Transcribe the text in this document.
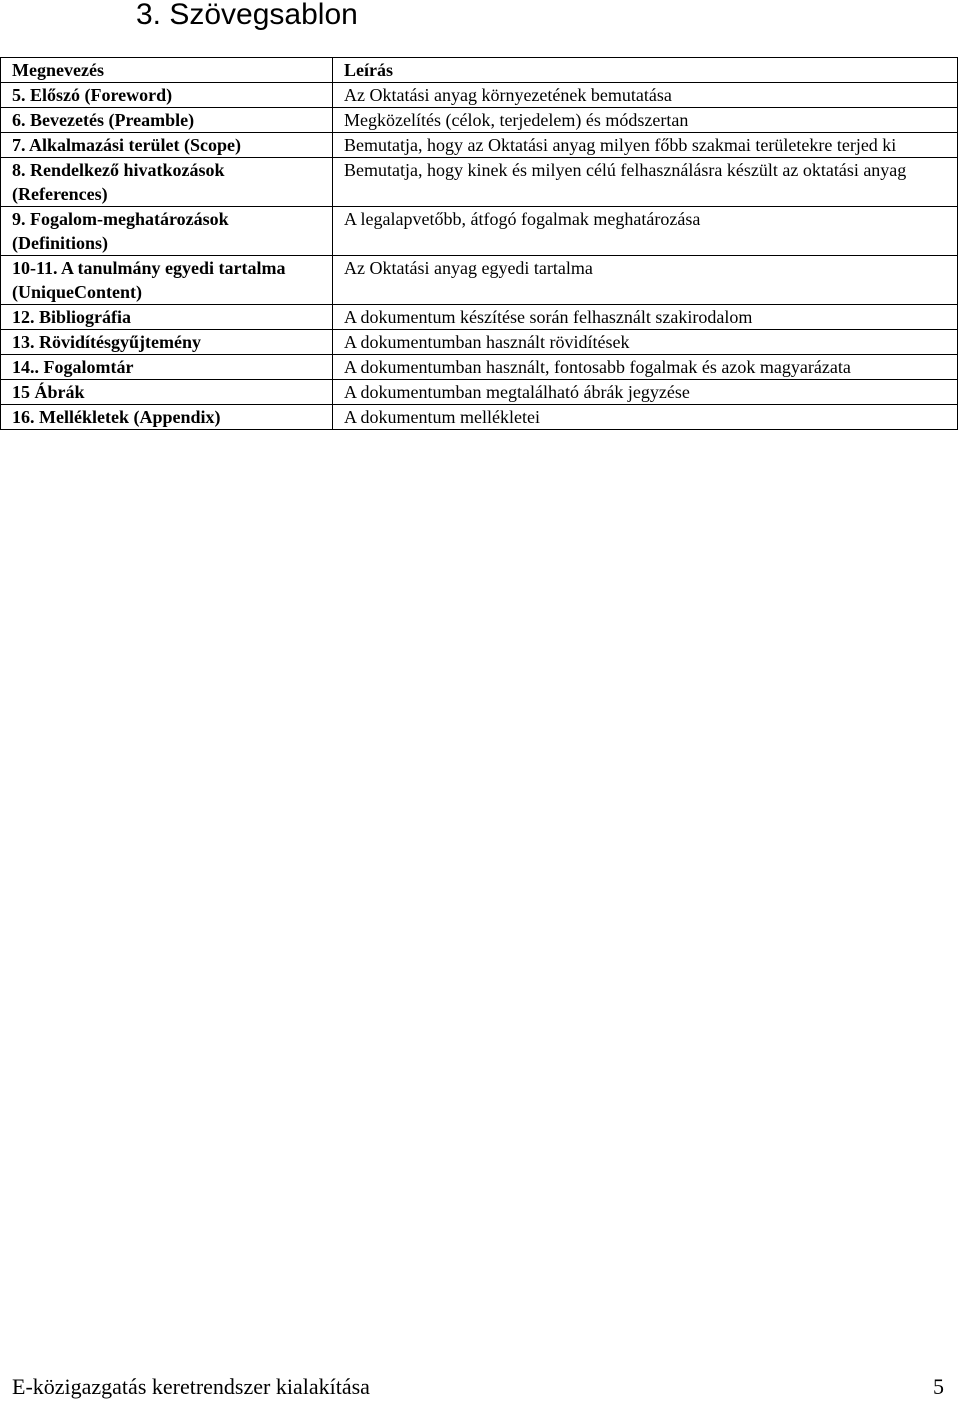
3. Szövegsablon
Megnevezés	Leírás
5. Előszó (Foreword)	Az Oktatási anyag környezetének bemutatása
6. Bevezetés (Preamble)	Megközelítés (célok, terjedelem) és módszertan
7. Alkalmazási terület (Scope)	Bemutatja, hogy az Oktatási anyag milyen főbb szakmai területekre terjed ki
8. Rendelkező hivatkozások (References)	Bemutatja, hogy kinek és milyen célú felhasználásra készült az oktatási anyag
9. Fogalom-meghatározások (Definitions)	A legalapvetőbb, átfogó fogalmak meghatározása
10-11. A tanulmány egyedi tartalma (UniqueContent)	Az Oktatási anyag egyedi tartalma
12. Bibliográfia	A dokumentum készítése során felhasznált szakirodalom
13. Rövidítésgyűjtemény	A dokumentumban használt rövidítések
14.. Fogalomtár	A dokumentumban használt, fontosabb fogalmak és azok magyarázata
15 Ábrák	A dokumentumban megtalálható ábrák jegyzése
16. Mellékletek (Appendix)	A dokumentum mellékletei
E-közigazgatás keretrendszer kialakítása	5
